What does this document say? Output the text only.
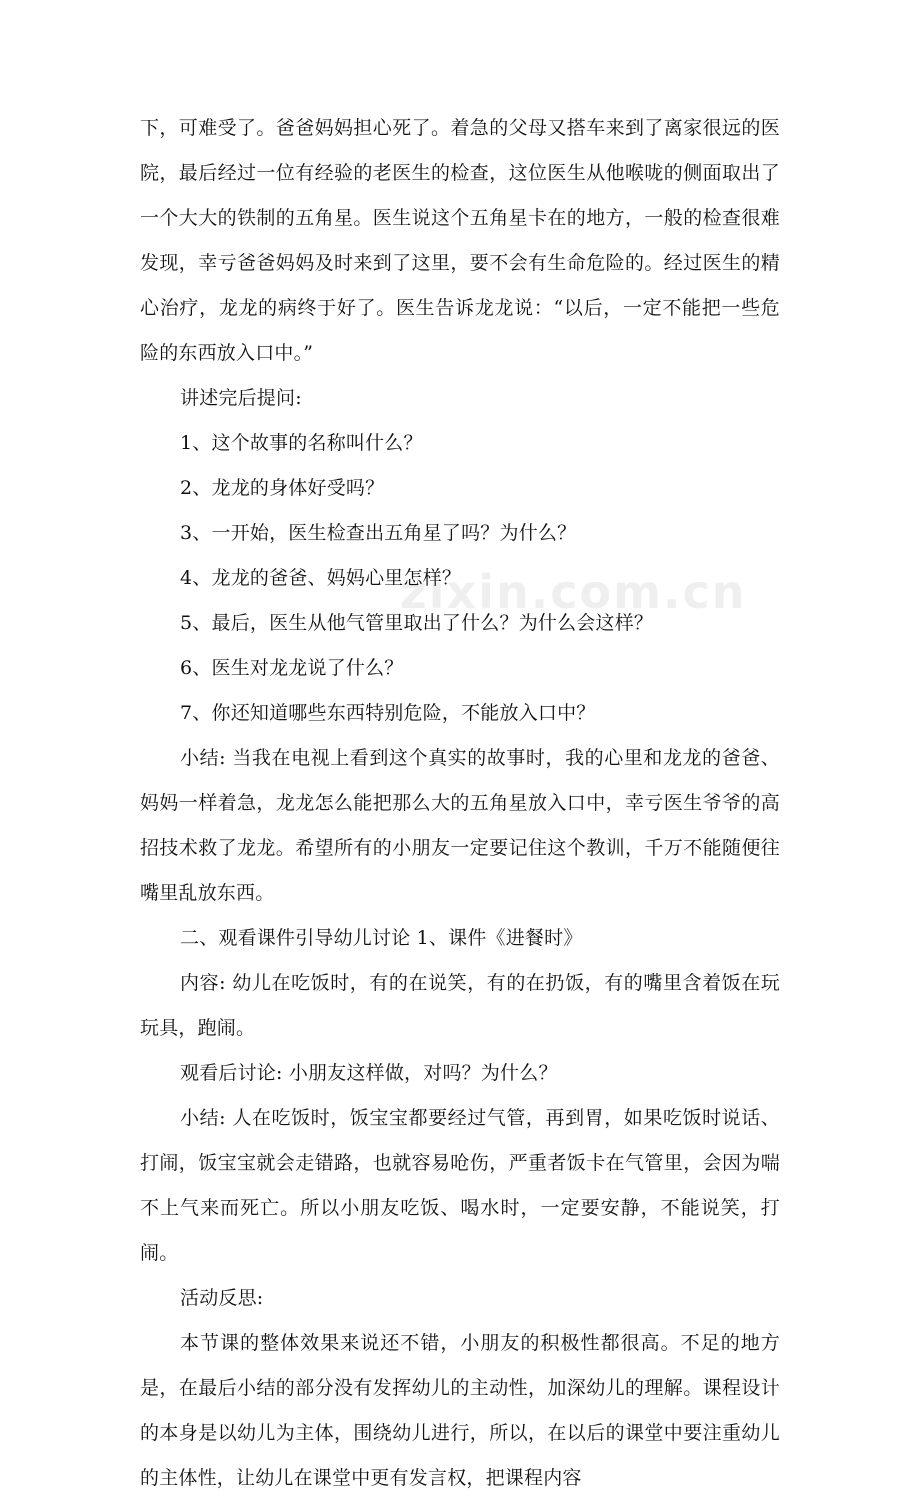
下，可难受了。爸爸妈妈担心死了。着急的父母又搭车来到了离家很远的医院，最后经过一位有经验的老医生的检查，这位医生从他喉咙的侧面取出了一个大大的铁制的五角星。医生说这个五角星卡在的地方，一般的检查很难发现，幸亏爸爸妈妈及时来到了这里，要不会有生命危险的。经过医生的精心治疗，龙龙的病终于好了。医生告诉龙龙说：“以后，一定不能把一些危险的东西放入口中。”

讲述完后提问:

1、这个故事的名称叫什么？

2、龙龙的身体好受吗？

3、一开始，医生检查出五角星了吗？为什么？

4、龙龙的爸爸、妈妈心里怎样？

5、最后，医生从他气管里取出了什么？为什么会这样？

6、医生对龙龙说了什么？

7、你还知道哪些东西特别危险，不能放入口中？

小结: 当我在电视上看到这个真实的故事时，我的心里和龙龙的爸爸、妈妈一样着急，龙龙怎么能把那么大的五角星放入口中，幸亏医生爷爷的高招技术救了龙龙。希望所有的小朋友一定要记住这个教训，千万不能随便往嘴里乱放东西。

二、观看课件引导幼儿讨论 1、课件《进餐时》

内容: 幼儿在吃饭时，有的在说笑，有的在扔饭，有的嘴里含着饭在玩玩具，跑闹。

观看后讨论: 小朋友这样做，对吗？为什么？

小结: 人在吃饭时，饭宝宝都要经过气管，再到胃，如果吃饭时说话、打闹，饭宝宝就会走错路，也就容易呛伤，严重者饭卡在气管里，会因为喘不上气来而死亡。所以小朋友吃饭、喝水时，一定要安静，不能说笑，打闹。

活动反思:

本节课的整体效果来说还不错，小朋友的积极性都很高。不足的地方是，在最后小结的部分没有发挥幼儿的主动性，加深幼儿的理解。课程设计的本身是以幼儿为主体，围绕幼儿进行，所以，在以后的课堂中要注重幼儿的主体性，让幼儿在课堂中更有发言权，把课程内容

zixin.com.cn
